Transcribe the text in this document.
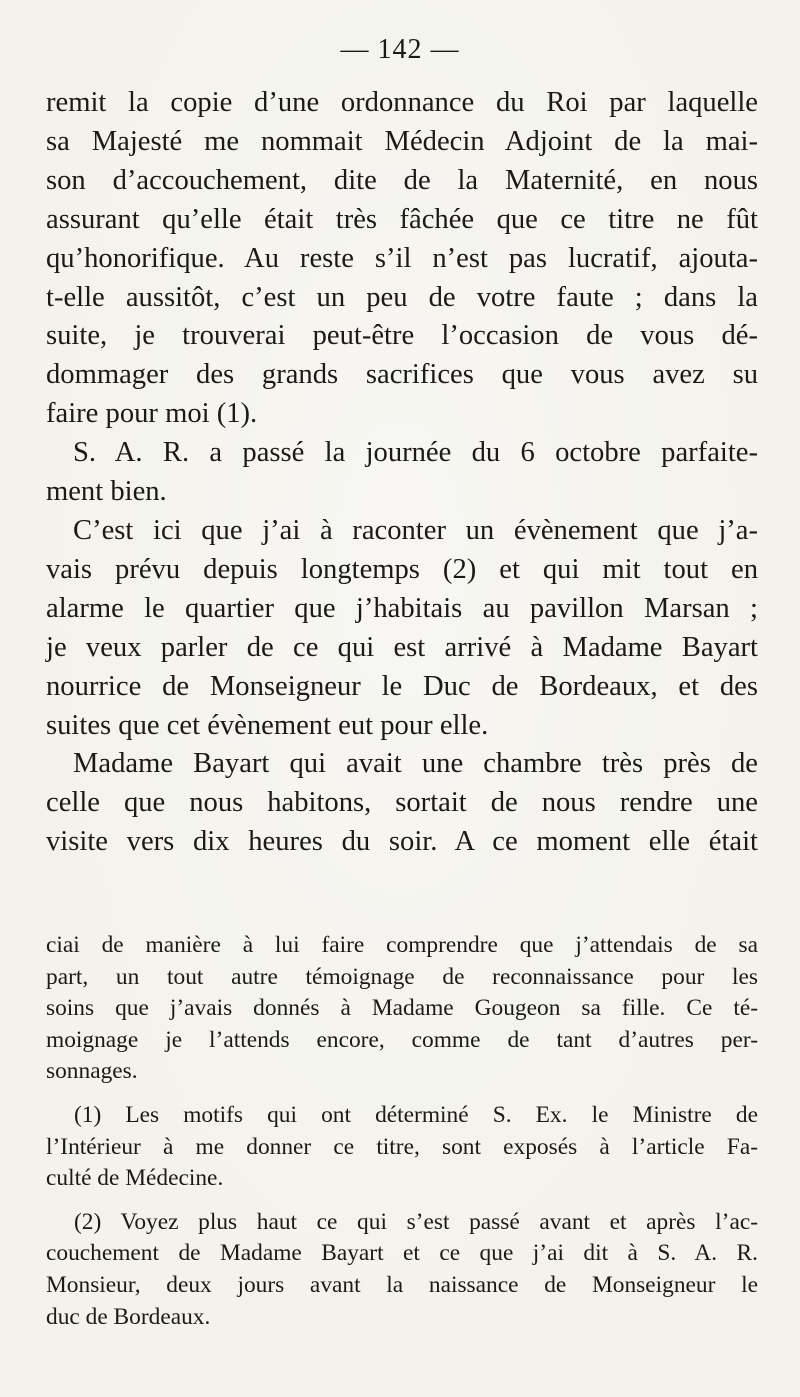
— 142 —

remit la copie d’une ordonnance du Roi par laquelle
sa Majesté me nommait Médecin Adjoint de la mai-
son d’accouchement, dite de la Maternité, en nous
assurant qu’elle était très fâchée que ce titre ne fût
qu’honorifique. Au reste s’il n’est pas lucratif, ajouta-
t-elle aussitôt, c’est un peu de votre faute ; dans la
suite, je trouverai peut-être l’occasion de vous dé-
dommager des grands sacrifices que vous avez su
faire pour moi (1).

S. A. R. a passé la journée du 6 octobre parfaite-
ment bien.

C’est ici que j’ai à raconter un évènement que j’a-
vais prévu depuis longtemps (2) et qui mit tout en
alarme le quartier que j’habitais au pavillon Marsan ;
je veux parler de ce qui est arrivé à Madame Bayart
nourrice de Monseigneur le Duc de Bordeaux, et des
suites que cet évènement eut pour elle.

Madame Bayart qui avait une chambre très près de
celle que nous habitons, sortait de nous rendre une
visite vers dix heures du soir. A ce moment elle était

ciai de manière à lui faire comprendre que j’attendais de sa
part, un tout autre témoignage de reconnaissance pour les
soins que j’avais donnés à Madame Gougeon sa fille. Ce té-
moignage je l’attends encore, comme de tant d’autres per-
sonnages.
(1) Les motifs qui ont déterminé S. Ex. le Ministre de
l’Intérieur à me donner ce titre, sont exposés à l’article Fa-
culté de Médecine.
(2) Voyez plus haut ce qui s’est passé avant et après l’ac-
couchement de Madame Bayart et ce que j’ai dit à S. A. R.
Monsieur, deux jours avant la naissance de Monseigneur le
duc de Bordeaux.
